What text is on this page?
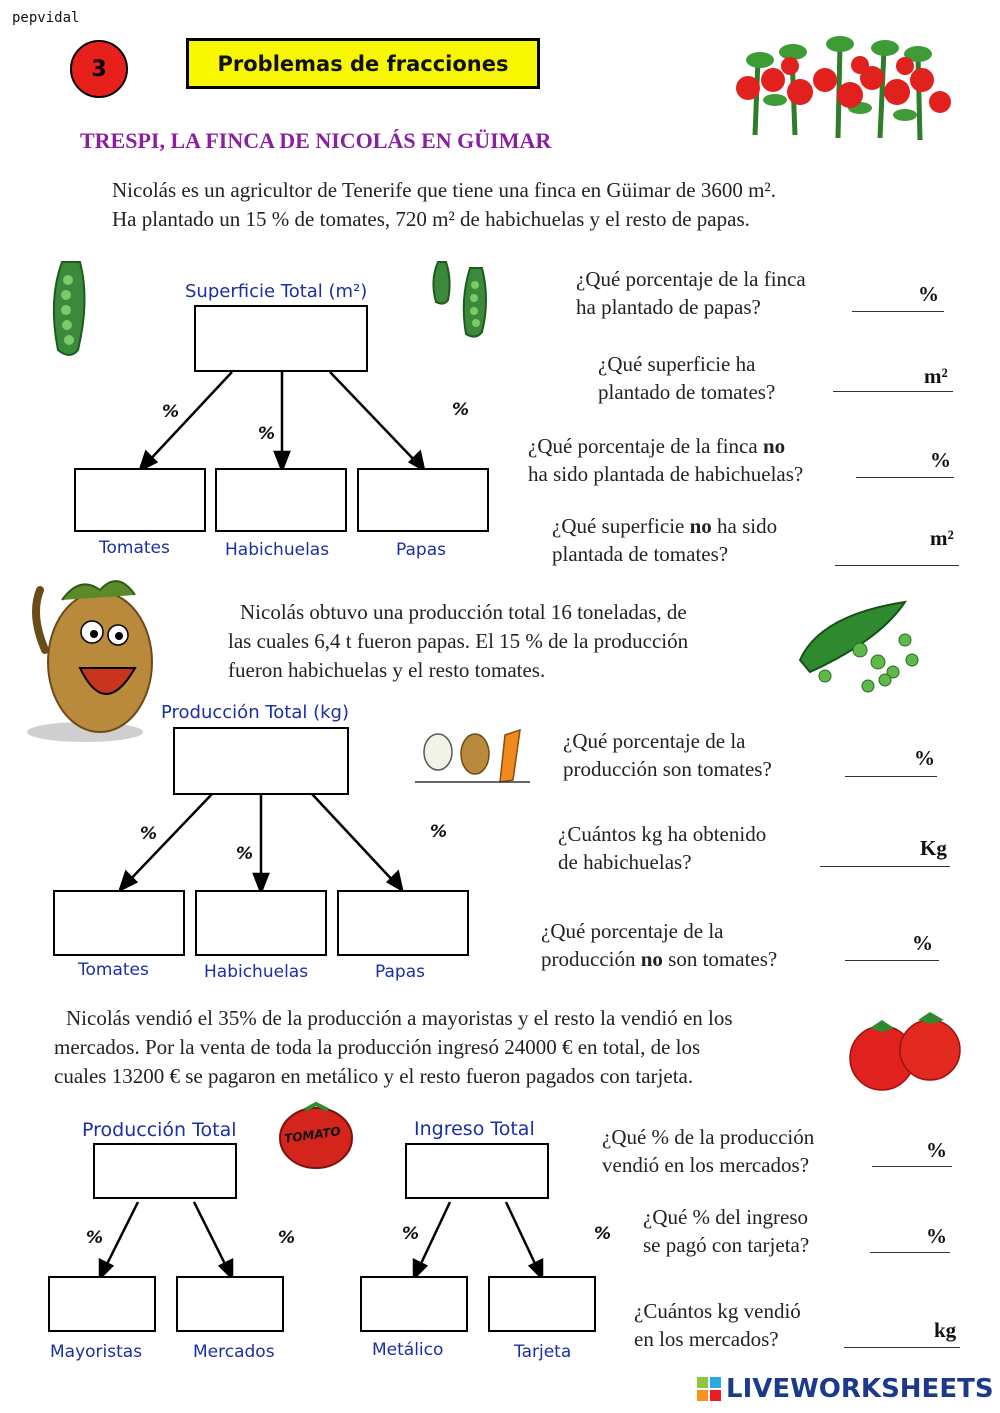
pepvidal
3	Problemas de fracciones
TRESPI, LA FINCA DE NICOLÁS EN GÜIMAR
Nicolás es un agricultor de Tenerife que tiene una finca en Güimar de 3600 m².
Ha plantado un 15 % de tomates, 720 m² de habichuelas y el resto de papas.
Superficie Total (m²)
%
%
%
Tomates	Habichuelas	Papas
¿Qué porcentaje de la finca
ha plantado de papas?
%
¿Qué superficie ha
plantado de tomates?
m²
¿Qué porcentaje de la finca no
ha sido plantada de habichuelas?
%
¿Qué superficie no ha sido
plantada de tomates?
m²
Nicolás obtuvo una producción total 16 toneladas, de
las cuales 6,4 t fueron papas. El 15 % de la producción
fueron habichuelas y el resto tomates.
Producción Total (kg)
%
%
%
Tomates	Habichuelas	Papas
¿Qué porcentaje de la
producción son tomates?	%
¿Cuántos kg ha obtenido
de habichuelas?
Kg
¿Qué porcentaje de la
producción no son tomates?
%
Nicolás vendió el 35% de la producción a mayoristas y el resto la vendió en los
mercados. Por la venta de toda la producción ingresó 24000 € en total, de los
cuales 13200 € se pagaron en metálico y el resto fueron pagados con tarjeta.
TOMATO
Producción Total
%	%
Mayoristas	Mercados
Ingreso Total
%	%
Metálico	Tarjeta
¿Qué % de la producción
vendió en los mercados?
%
¿Qué % del ingreso
se pagó con tarjeta?	%
¿Cuántos kg vendió
en los mercados?	kg
LIVEWORKSHEETS
